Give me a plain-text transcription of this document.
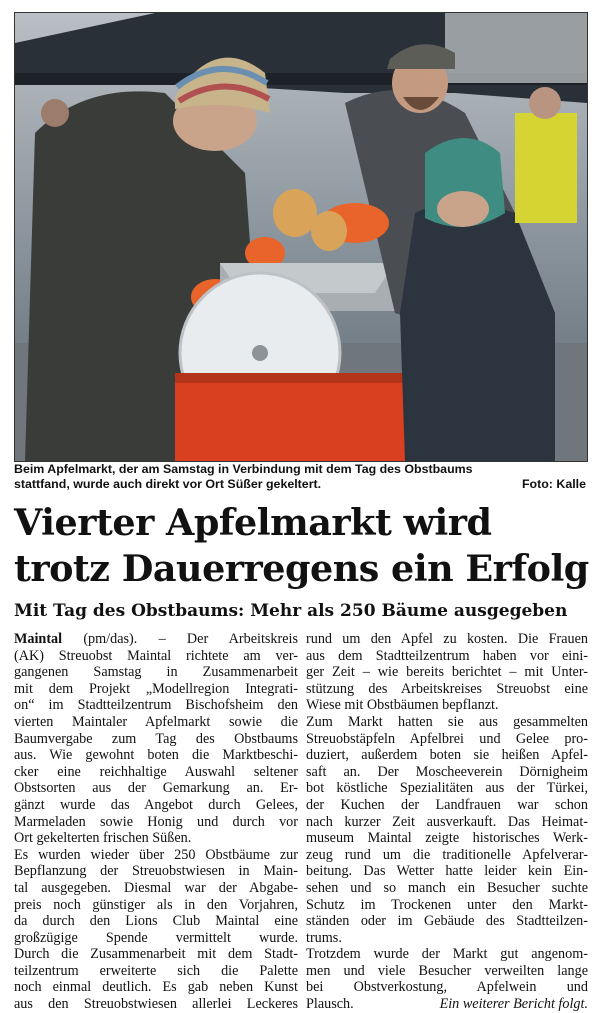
Beim Apfelmarkt, der am Samstag in Verbindung mit dem Tag des Obstbaums
stattfand, wurde auch direkt vor Ort Süßer gekeltert.	Foto: Kalle
Vierter Apfelmarkt wird
trotz Dauerregens ein Erfolg
Mit Tag des Obstbaums: Mehr als 250 Bäume ausgegeben

Maintal (pm/das). – Der Arbeitskreis
(AK) Streuobst Maintal richtete am ver-
gangenen Samstag in Zusammenarbeit
mit dem Projekt „Modellregion Integrati-
on“ im Stadtteilzentrum Bischofsheim den
vierten Maintaler Apfelmarkt sowie die
Baumvergabe zum Tag des Obstbaums
aus. Wie gewohnt boten die Marktbeschi-
cker eine reichhaltige Auswahl seltener
Obstsorten aus der Gemarkung an. Er-
gänzt wurde das Angebot durch Gelees,
Marmeladen sowie Honig und durch vor
Ort gekelterten frischen Süßen.
Es wurden wieder über 250 Obstbäume zur
Bepflanzung der Streuobstwiesen in Main-
tal ausgegeben. Diesmal war der Abgabe-
preis noch günstiger als in den Vorjahren,
da durch den Lions Club Maintal eine
großzügige Spende vermittelt wurde.
Durch die Zusammenarbeit mit dem Stadt-
teilzentrum erweiterte sich die Palette
noch einmal deutlich. Es gab neben Kunst
aus den Streuobstwiesen allerlei Leckeres

rund um den Apfel zu kosten. Die Frauen
aus dem Stadtteilzentrum haben vor eini-
ger Zeit – wie bereits berichtet – mit Unter-
stützung des Arbeitskreises Streuobst eine
Wiese mit Obstbäumen bepflanzt.
Zum Markt hatten sie aus gesammelten
Streuobstäpfeln Apfelbrei und Gelee pro-
duziert, außerdem boten sie heißen Apfel-
saft an. Der Moscheeverein Dörnigheim
bot köstliche Spezialitäten aus der Türkei,
der Kuchen der Landfrauen war schon
nach kurzer Zeit ausverkauft. Das Heimat-
museum Maintal zeigte historisches Werk-
zeug rund um die traditionelle Apfelverar-
beitung. Das Wetter hatte leider kein Ein-
sehen und so manch ein Besucher suchte
Schutz im Trockenen unter den Markt-
ständen oder im Gebäude des Stadtteilzen-
trums.
Trotzdem wurde der Markt gut angenom-
men und viele Besucher verweilten lange
bei Obstverkostung, Apfelwein und
Plausch.	Ein weiterer Bericht folgt.
